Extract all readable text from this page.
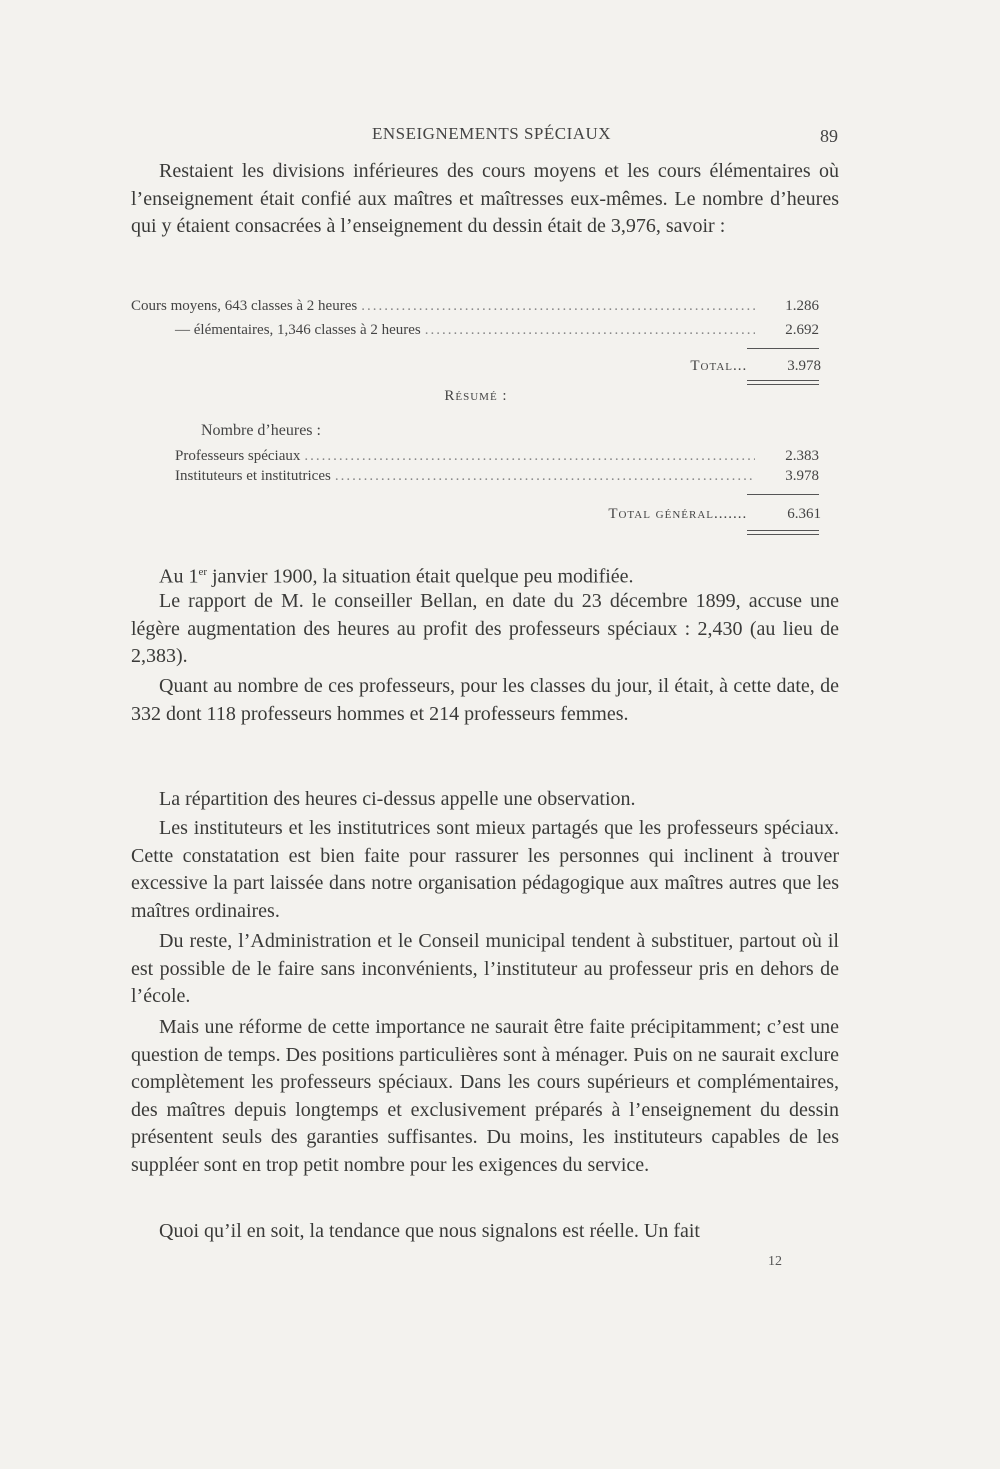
ENSEIGNEMENTS SPÉCIAUX	89
Restaient les divisions inférieures des cours moyens et les cours élémentaires où l’enseignement était confié aux maîtres et maîtresses eux-mêmes. Le nombre d’heures qui y étaient consacrées à l’enseignement du dessin était de 3,976, savoir :
Cours moyens, 643 classes à 2 heures .....	1.286
— élémentaires, 1,346 classes à 2 heures .....	2.692
Total...	3.978
Résumé :
Nombre d’heures :
Professeurs spéciaux .....	2.383
Instituteurs et institutrices .....	3.978
Total général.......	6.361
Au 1er janvier 1900, la situation était quelque peu modifiée.
Le rapport de M. le conseiller Bellan, en date du 23 décembre 1899, accuse une légère augmentation des heures au profit des professeurs spéciaux : 2,430 (au lieu de 2,383).
Quant au nombre de ces professeurs, pour les classes du jour, il était, à cette date, de 332 dont 118 professeurs hommes et 214 professeurs femmes.
La répartition des heures ci-dessus appelle une observation.
Les instituteurs et les institutrices sont mieux partagés que les professeurs spéciaux. Cette constatation est bien faite pour rassurer les personnes qui inclinent à trouver excessive la part laissée dans notre organisation pédagogique aux maîtres autres que les maîtres ordinaires.
Du reste, l’Administration et le Conseil municipal tendent à substituer, partout où il est possible de le faire sans inconvénients, l’instituteur au professeur pris en dehors de l’école.
Mais une réforme de cette importance ne saurait être faite précipitamment; c’est une question de temps. Des positions particulières sont à ménager. Puis on ne saurait exclure complètement les professeurs spéciaux. Dans les cours supérieurs et complémentaires, des maîtres depuis longtemps et exclusivement préparés à l’enseignement du dessin présentent seuls des garanties suffisantes. Du moins, les instituteurs capables de les suppléer sont en trop petit nombre pour les exigences du service.
Quoi qu’il en soit, la tendance que nous signalons est réelle. Un fait
12
